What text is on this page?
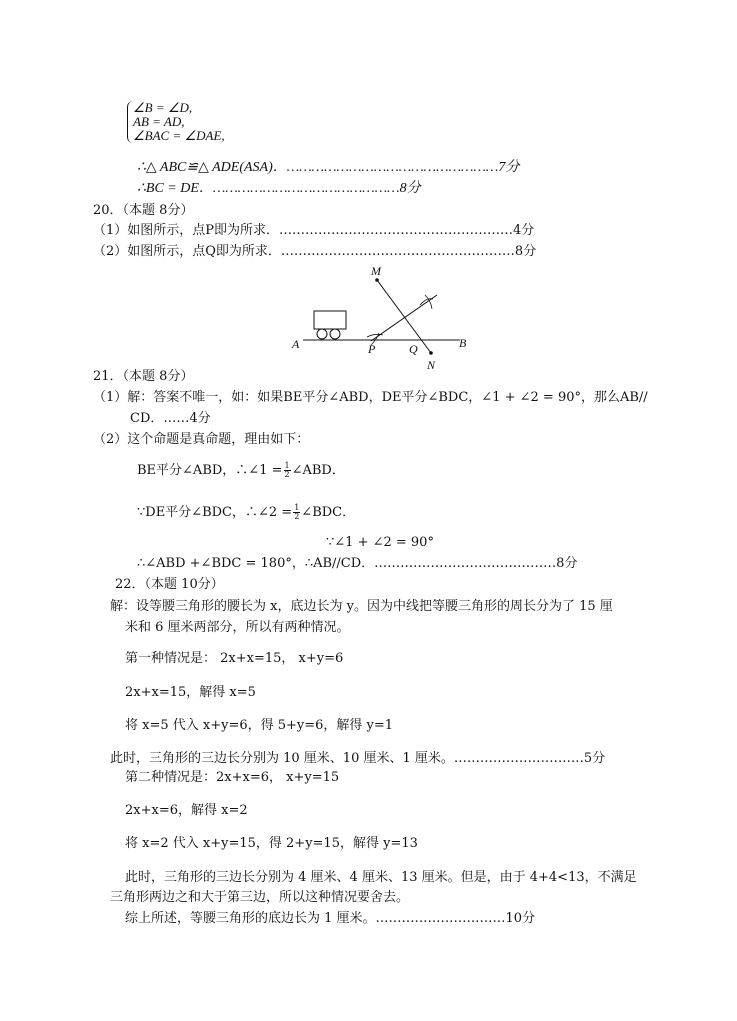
∠B = ∠D,
AB = AD,
∠BAC = ∠DAE,
∴△ ABC≌△ ADE(ASA)．……………………………………………7分
∴BC = DE．………………………………………8分
20．（本题 8分）
（1）如图所示，点P即为所求．………………………………………………4分
（2）如图所示，点Q即为所求．………………………………………………8分
M
A	P	Q	B
N
21．（本题 8分）
（1）解：答案不唯一，如：如果BE平分∠ABD，DE平分∠BDC，∠1 + ∠2 = 90°，那么AB//
CD．……4分
（2）这个命题是真命题，理由如下：
BE平分∠ABD，∴∠1 = $\frac{1}{2}$ ∠ABD．
∵DE平分∠BDC，∴∠2 = $\frac{1}{2}$ ∠BDC．
∵∠1 + ∠2 = 90°
∴∠ABD +∠BDC = 180°，∴AB//CD．……………………………………8分
22．（本题 10分）
解：设等腰三角形的腰长为 x，底边长为 y。因为中线把等腰三角形的周长分为了 15 厘
米和 6 厘米两部分，所以有两种情况。
第一种情况是： 2x+x=15， x+y=6
2x+x=15，解得 x=5
将 x=5 代入 x+y=6，得 5+y=6，解得 y=1
此时，三角形的三边长分别为 10 厘米、10 厘米、1 厘米。…………………………5分
第二种情况是：2x+x=6， x+y=15
2x+x=6，解得 x=2
将 x=2 代入 x+y=15，得 2+y=15，解得 y=13
此时，三角形的三边长分别为 4 厘米、4 厘米、13 厘米。但是，由于 4+4<13，不满足
三角形两边之和大于第三边，所以这种情况要舍去。
综上所述，等腰三角形的底边长为 1 厘米。…………………………10分
